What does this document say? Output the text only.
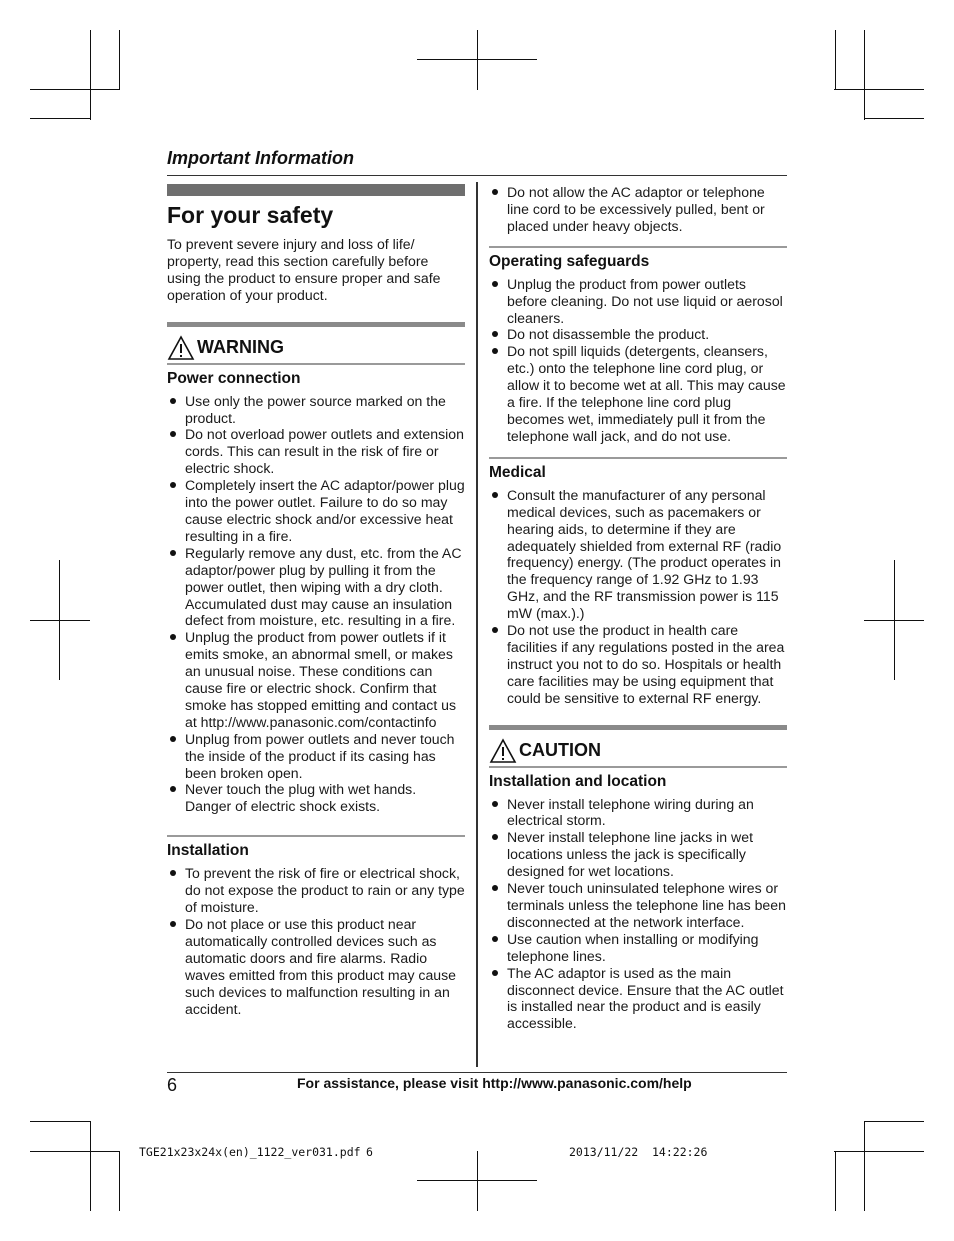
Important Information
For your safety

To prevent severe injury and loss of life/ property, read this section carefully before using the product to ensure proper and safe operation of your product.

WARNING
Power connection
Use only the power source marked on the product.
Do not overload power outlets and extension cords. This can result in the risk of fire or electric shock.
Completely insert the AC adaptor/power plug into the power outlet. Failure to do so may cause electric shock and/or excessive heat resulting in a fire.
Regularly remove any dust, etc. from the AC adaptor/power plug by pulling it from the power outlet, then wiping with a dry cloth. Accumulated dust may cause an insulation defect from moisture, etc. resulting in a fire.
Unplug the product from power outlets if it emits smoke, an abnormal smell, or makes an unusual noise. These conditions can cause fire or electric shock. Confirm that smoke has stopped emitting and contact us at http://www.panasonic.com/contactinfo
Unplug from power outlets and never touch the inside of the product if its casing has been broken open.
Never touch the plug with wet hands. Danger of electric shock exists.
Installation
To prevent the risk of fire or electrical shock, do not expose the product to rain or any type of moisture.
Do not place or use this product near automatically controlled devices such as automatic doors and fire alarms. Radio waves emitted from this product may cause such devices to malfunction resulting in an accident.
Do not allow the AC adaptor or telephone line cord to be excessively pulled, bent or placed under heavy objects.
Operating safeguards
Unplug the product from power outlets before cleaning. Do not use liquid or aerosol cleaners.
Do not disassemble the product.
Do not spill liquids (detergents, cleansers, etc.) onto the telephone line cord plug, or allow it to become wet at all. This may cause a fire. If the telephone line cord plug becomes wet, immediately pull it from the telephone wall jack, and do not use.
Medical
Consult the manufacturer of any personal medical devices, such as pacemakers or hearing aids, to determine if they are adequately shielded from external RF (radio frequency) energy. (The product operates in the frequency range of 1.92 GHz to 1.93 GHz, and the RF transmission power is 115 mW (max.).)
Do not use the product in health care facilities if any regulations posted in the area instruct you not to do so. Hospitals or health care facilities may be using equipment that could be sensitive to external RF energy.
CAUTION
Installation and location
Never install telephone wiring during an electrical storm.
Never install telephone line jacks in wet locations unless the jack is specifically designed for wet locations.
Never touch uninsulated telephone wires or terminals unless the telephone line has been disconnected at the network interface.
Use caution when installing or modifying telephone lines.
The AC adaptor is used as the main disconnect device. Ensure that the AC outlet is installed near the product and is easily accessible.
6	For assistance, please visit http://www.panasonic.com/help
TGE21x23x24x(en)_1122_ver031.pdf 6	2013/11/22 14:22:26
